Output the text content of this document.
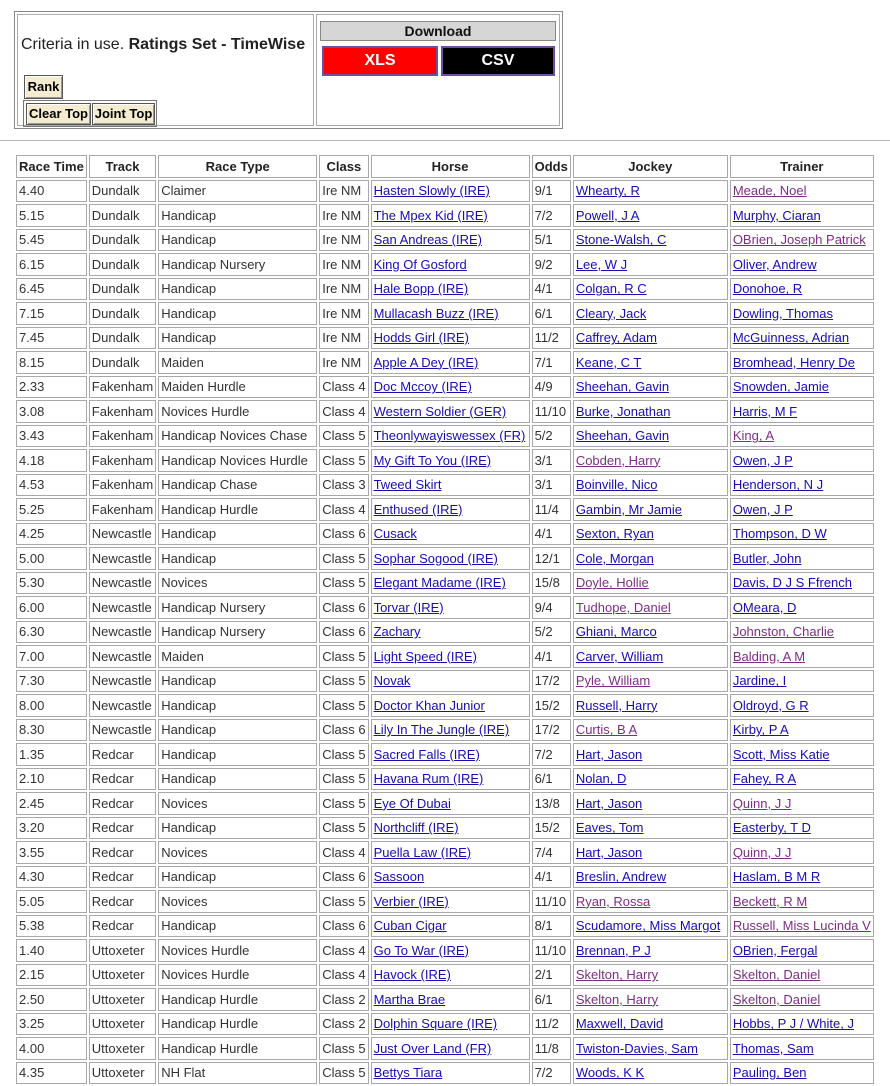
Criteria in use. Ratings Set - TimeWise
Rank
Clear Top Joint Top
Download
XLS	CSV
Race Time	Track	Race Type	Class	Horse	Odds	Jockey	Trainer
4.40	Dundalk	Claimer	Ire NM	Hasten Slowly (IRE)	9/1	Whearty, R	Meade, Noel
5.15	Dundalk	Handicap	Ire NM	The Mpex Kid (IRE)	7/2	Powell, J A	Murphy, Ciaran
5.45	Dundalk	Handicap	Ire NM	San Andreas (IRE)	5/1	Stone-Walsh, C	OBrien, Joseph Patrick
6.15	Dundalk	Handicap Nursery	Ire NM	King Of Gosford	9/2	Lee, W J	Oliver, Andrew
6.45	Dundalk	Handicap	Ire NM	Hale Bopp (IRE)	4/1	Colgan, R C	Donohoe, R
7.15	Dundalk	Handicap	Ire NM	Mullacash Buzz (IRE)	6/1	Cleary, Jack	Dowling, Thomas
7.45	Dundalk	Handicap	Ire NM	Hodds Girl (IRE)	11/2	Caffrey, Adam	McGuinness, Adrian
8.15	Dundalk	Maiden	Ire NM	Apple A Dey (IRE)	7/1	Keane, C T	Bromhead, Henry De
2.33	Fakenham	Maiden Hurdle	Class 4	Doc Mccoy (IRE)	4/9	Sheehan, Gavin	Snowden, Jamie
3.08	Fakenham	Novices Hurdle	Class 4	Western Soldier (GER)	11/10	Burke, Jonathan	Harris, M F
3.43	Fakenham	Handicap Novices Chase	Class 5	Theonlywayiswessex (FR)	5/2	Sheehan, Gavin	King, A
4.18	Fakenham	Handicap Novices Hurdle	Class 5	My Gift To You (IRE)	3/1	Cobden, Harry	Owen, J P
4.53	Fakenham	Handicap Chase	Class 3	Tweed Skirt	3/1	Boinville, Nico	Henderson, N J
5.25	Fakenham	Handicap Hurdle	Class 4	Enthused (IRE)	11/4	Gambin, Mr Jamie	Owen, J P
4.25	Newcastle	Handicap	Class 6	Cusack	4/1	Sexton, Ryan	Thompson, D W
5.00	Newcastle	Handicap	Class 5	Sophar Sogood (IRE)	12/1	Cole, Morgan	Butler, John
5.30	Newcastle	Novices	Class 5	Elegant Madame (IRE)	15/8	Doyle, Hollie	Davis, D J S Ffrench
6.00	Newcastle	Handicap Nursery	Class 6	Torvar (IRE)	9/4	Tudhope, Daniel	OMeara, D
6.30	Newcastle	Handicap Nursery	Class 6	Zachary	5/2	Ghiani, Marco	Johnston, Charlie
7.00	Newcastle	Maiden	Class 5	Light Speed (IRE)	4/1	Carver, William	Balding, A M
7.30	Newcastle	Handicap	Class 5	Novak	17/2	Pyle, William	Jardine, I
8.00	Newcastle	Handicap	Class 5	Doctor Khan Junior	15/2	Russell, Harry	Oldroyd, G R
8.30	Newcastle	Handicap	Class 6	Lily In The Jungle (IRE)	17/2	Curtis, B A	Kirby, P A
1.35	Redcar	Handicap	Class 5	Sacred Falls (IRE)	7/2	Hart, Jason	Scott, Miss Katie
2.10	Redcar	Handicap	Class 5	Havana Rum (IRE)	6/1	Nolan, D	Fahey, R A
2.45	Redcar	Novices	Class 5	Eye Of Dubai	13/8	Hart, Jason	Quinn, J J
3.20	Redcar	Handicap	Class 5	Northcliff (IRE)	15/2	Eaves, Tom	Easterby, T D
3.55	Redcar	Novices	Class 4	Puella Law (IRE)	7/4	Hart, Jason	Quinn, J J
4.30	Redcar	Handicap	Class 6	Sassoon	4/1	Breslin, Andrew	Haslam, B M R
5.05	Redcar	Novices	Class 5	Verbier (IRE)	11/10	Ryan, Rossa	Beckett, R M
5.38	Redcar	Handicap	Class 6	Cuban Cigar	8/1	Scudamore, Miss Margot	Russell, Miss Lucinda V
1.40	Uttoxeter	Novices Hurdle	Class 4	Go To War (IRE)	11/10	Brennan, P J	OBrien, Fergal
2.15	Uttoxeter	Novices Hurdle	Class 4	Havock (IRE)	2/1	Skelton, Harry	Skelton, Daniel
2.50	Uttoxeter	Handicap Hurdle	Class 2	Martha Brae	6/1	Skelton, Harry	Skelton, Daniel
3.25	Uttoxeter	Handicap Hurdle	Class 2	Dolphin Square (IRE)	11/2	Maxwell, David	Hobbs, P J / White, J
4.00	Uttoxeter	Handicap Hurdle	Class 5	Just Over Land (FR)	11/8	Twiston-Davies, Sam	Thomas, Sam
4.35	Uttoxeter	NH Flat	Class 5	Bettys Tiara	7/2	Woods, K K	Pauling, Ben
